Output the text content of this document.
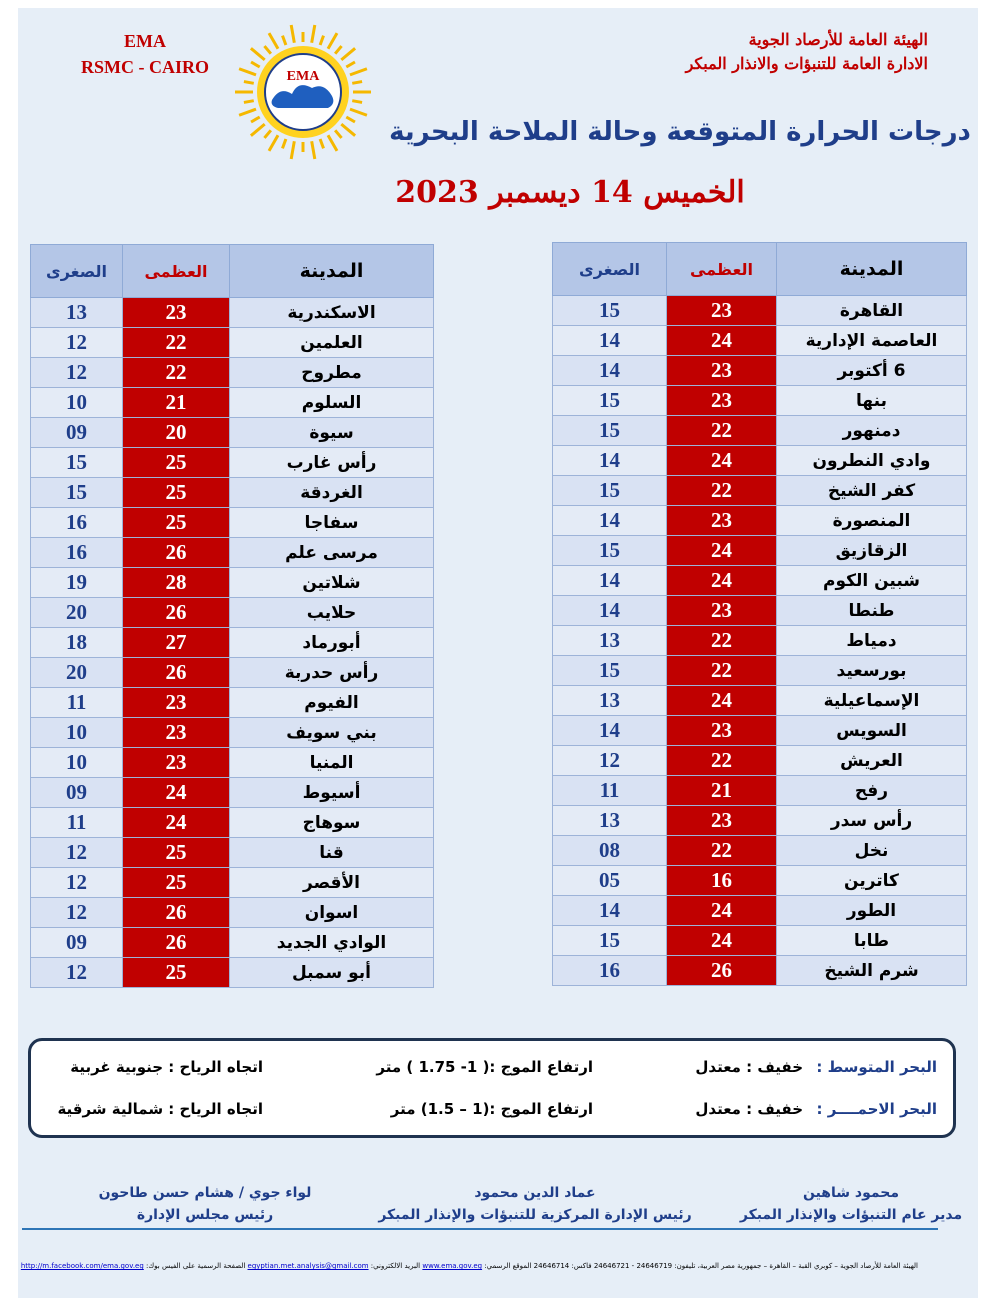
EMA
RSMC - CAIRO	EMA
الهيئة العامة للأرصاد الجوية
الادارة العامة للتنبؤات والانذار المبكر
درجات الحرارة المتوقعة وحالة الملاحة البحرية
الخميس 14 ديسمبر 2023
المدينة	العظمى	الصغرى
القاهرة	23	15
العاصمة الإدارية	24	14
6 أكتوبر	23	14
بنها	23	15
دمنهور	22	15
وادي النطرون	24	14
كفر الشيخ	22	15
المنصورة	23	14
الزقازيق	24	15
شبين الكوم	24	14
طنطا	23	14
دمياط	22	13
بورسعيد	22	15
الإسماعيلية	24	13
السويس	23	14
العريش	22	12
رفح	21	11
رأس سدر	23	13
نخل	22	08
كاترين	16	05
الطور	24	14
طابا	24	15
شرم الشيخ	26	16
المدينة	العظمى	الصغرى
الاسكندرية	23	13
العلمين	22	12
مطروح	22	12
السلوم	21	10
سيوة	20	09
رأس غارب	25	15
الغردقة	25	15
سفاجا	25	16
مرسى علم	26	16
شلاتين	28	19
حلايب	26	20
أبورماد	27	18
رأس حدربة	26	20
الفيوم	23	11
بني سويف	23	10
المنيا	23	10
أسيوط	24	09
سوهاج	24	11
قنا	25	12
الأقصر	25	12
اسوان	26	12
الوادي الجديد	26	09
أبو سمبل	25	12
البحر المتوسط :
خفيف : معتدل
ارتفاع الموج :( 1- 1.75 ) متر
اتجاه الرياح : جنوبية غربية
البحر الاحمــــر :
خفيف : معتدل
ارتفاع الموج :(1 – 1.5) متر
اتجاه الرياح : شمالية شرقية
محمود شاهين
مدير عام التنبؤات والإنذار المبكر
عماد الدين محمود
رئيس الإدارة المركزية للتنبؤات والإنذار المبكر
لواء جوي / هشام حسن طاحون
رئيس مجلس الإدارة
الهيئة العامة للأرصاد الجوية – كوبري القبة – القاهرة – جمهورية مصر العربية، تليفون: 24646719 - 24646721 فاكس: 24646714 الموقع الرسمي: www.ema.gov.eg البريد الالكتروني: egyptian.met.analysis@gmail.com الصفحة الرسمية على الفيس بوك: http://m.facebook.com/ema.gov.eg
